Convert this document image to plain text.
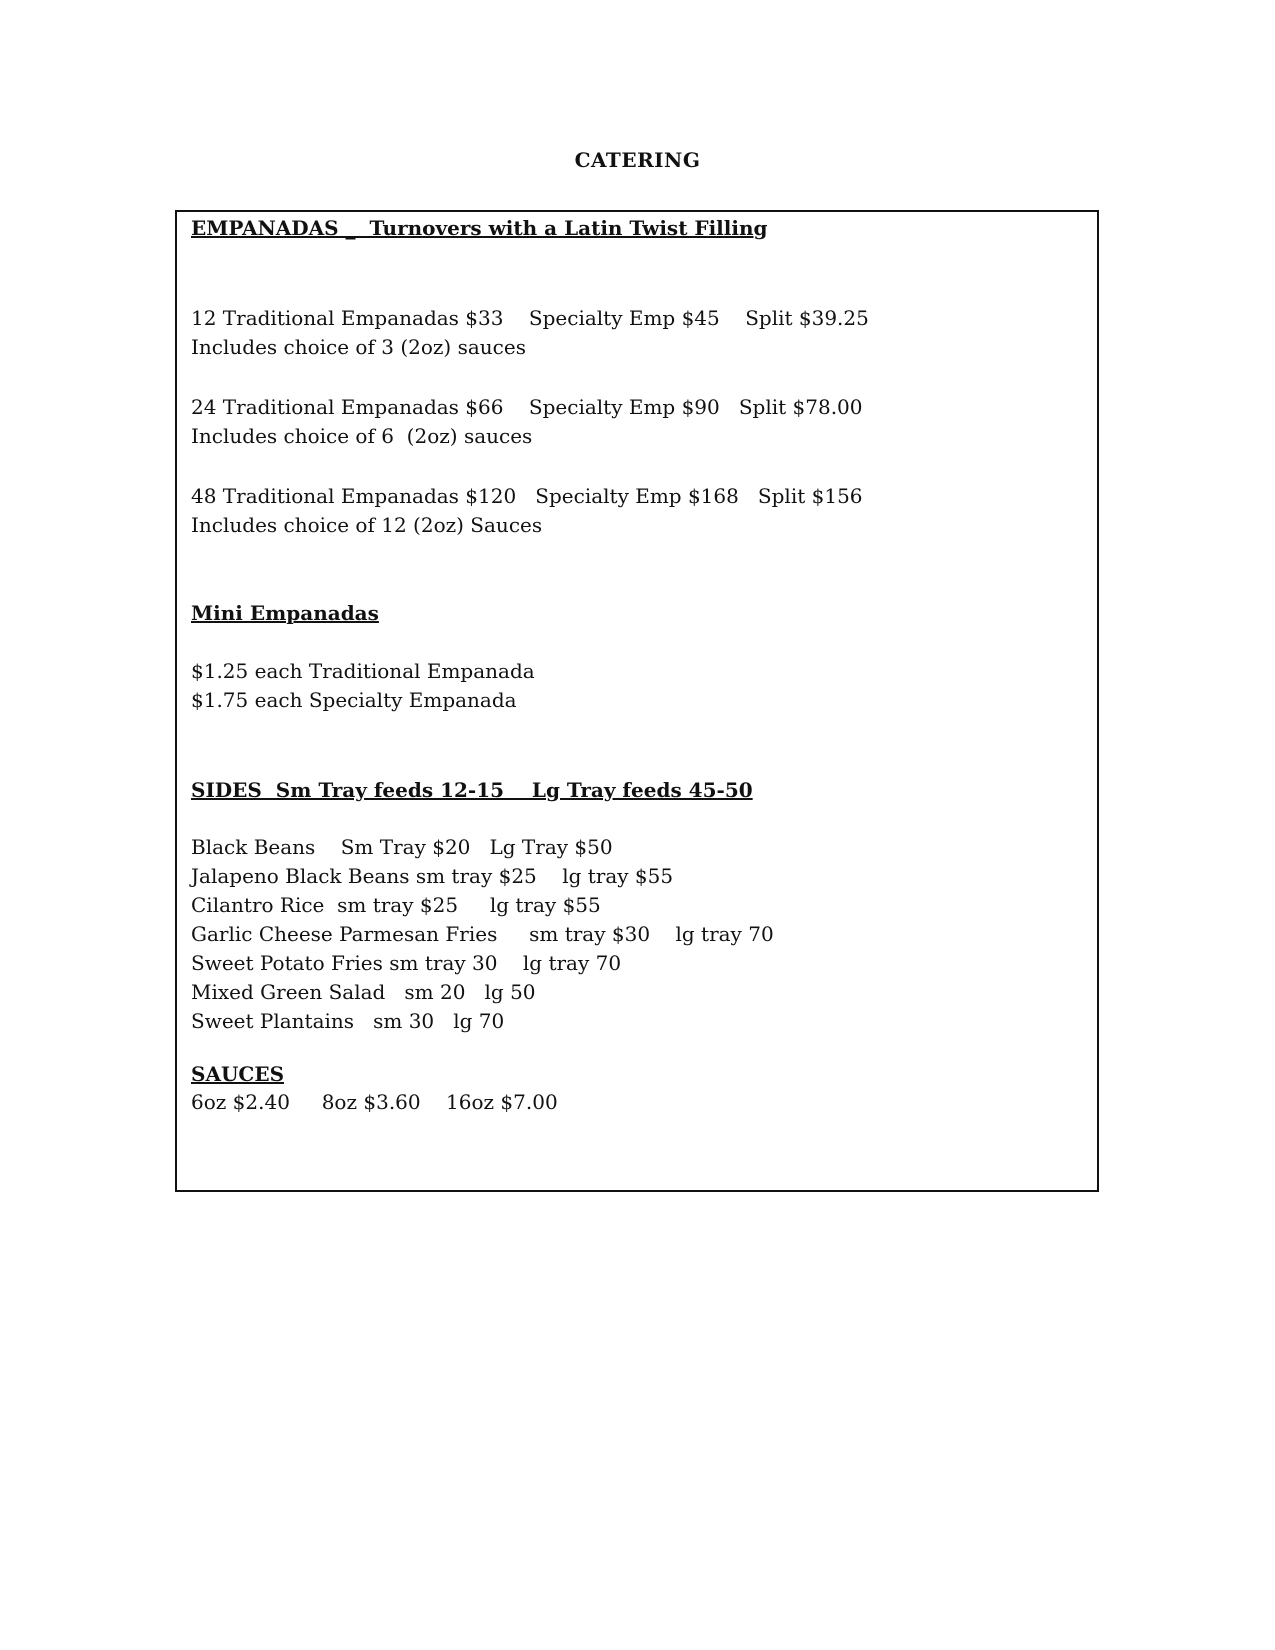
CATERING
EMPANADAS _  Turnovers with a Latin Twist Filling
12 Traditional Empanadas $33    Specialty Emp $45    Split $39.25
Includes choice of 3 (2oz) sauces
24 Traditional Empanadas $66    Specialty Emp $90   Split $78.00
Includes choice of 6  (2oz) sauces
48 Traditional Empanadas $120   Specialty Emp $168   Split $156
Includes choice of 12 (2oz) Sauces
Mini Empanadas
$1.25 each Traditional Empanada
$1.75 each Specialty Empanada
SIDES  Sm Tray feeds 12-15    Lg Tray feeds 45-50
Black Beans    Sm Tray $20   Lg Tray $50
Jalapeno Black Beans sm tray $25    lg tray $55
Cilantro Rice  sm tray $25     lg tray $55
Garlic Cheese Parmesan Fries     sm tray $30    lg tray 70
Sweet Potato Fries sm tray 30    lg tray 70
Mixed Green Salad   sm 20   lg 50
Sweet Plantains   sm 30   lg 70
SAUCES
6oz $2.40     8oz $3.60    16oz $7.00
